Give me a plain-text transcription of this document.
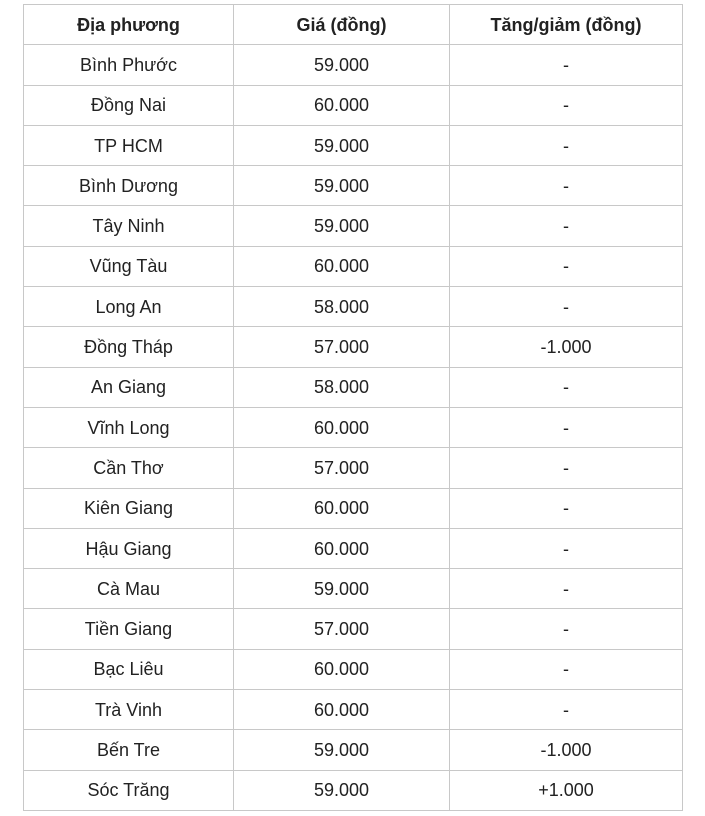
Địa phương	Giá (đồng)	Tăng/giảm (đồng)
Bình Phước	59.000	-
Đồng Nai	60.000	-
TP HCM	59.000	-
Bình Dương	59.000	-
Tây Ninh	59.000	-
Vũng Tàu	60.000	-
Long An	58.000	-
Đồng Tháp	57.000	-1.000
An Giang	58.000	-
Vĩnh Long	60.000	-
Cần Thơ	57.000	-
Kiên Giang	60.000	-
Hậu Giang	60.000	-
Cà Mau	59.000	-
Tiền Giang	57.000	-
Bạc Liêu	60.000	-
Trà Vinh	60.000	-
Bến Tre	59.000	-1.000
Sóc Trăng	59.000	+1.000
